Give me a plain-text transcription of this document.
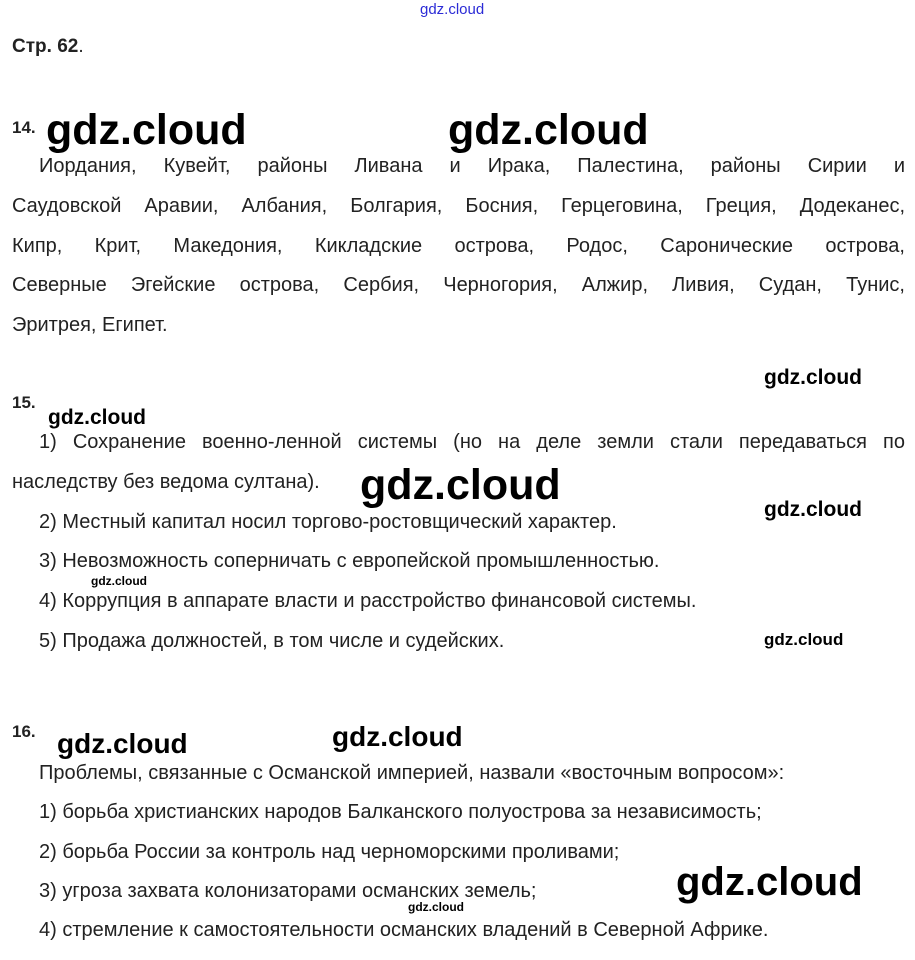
gdz.cloud
Стр. 62.
14. gdz.cloud	gdz.cloud
Иордания, Кувейт, районы Ливана и Ирака, Палестина, районы Сирии и
Саудовской Аравии, Албания, Болгария, Босния, Герцеговина, Греция, Додеканес,
Кипр, Крит, Македония, Кикладские острова, Родос, Саронические острова,
Северные Эгейские острова, Сербия, Черногория, Алжир, Ливия, Судан, Тунис,
Эритрея, Египет.
gdz.cloud
15.
gdz.cloud
1) Сохранение военно-ленной системы (но на деле земли стали передаваться по
наследству без ведома султана). gdz.cloud
gdz.cloud
2) Местный капитал носил торгово-ростовщический характер.
3) Невозможность соперничать с европейской промышленностью.
gdz.cloud
4) Коррупция в аппарате власти и расстройство финансовой системы.
gdz.cloud
5) Продажа должностей, в том числе и судейских.
16. gdz.cloud	gdz.cloud
Проблемы, связанные с Османской империей, назвали «восточным вопросом»:
1) борьба христианских народов Балканского полуострова за независимость;
2) борьба России за контроль над черноморскими проливами;
3) угроза захвата колонизаторами османских земель;	gdz.cloud
gdz.cloud
4) стремление к самостоятельности османских владений в Северной Африке.
